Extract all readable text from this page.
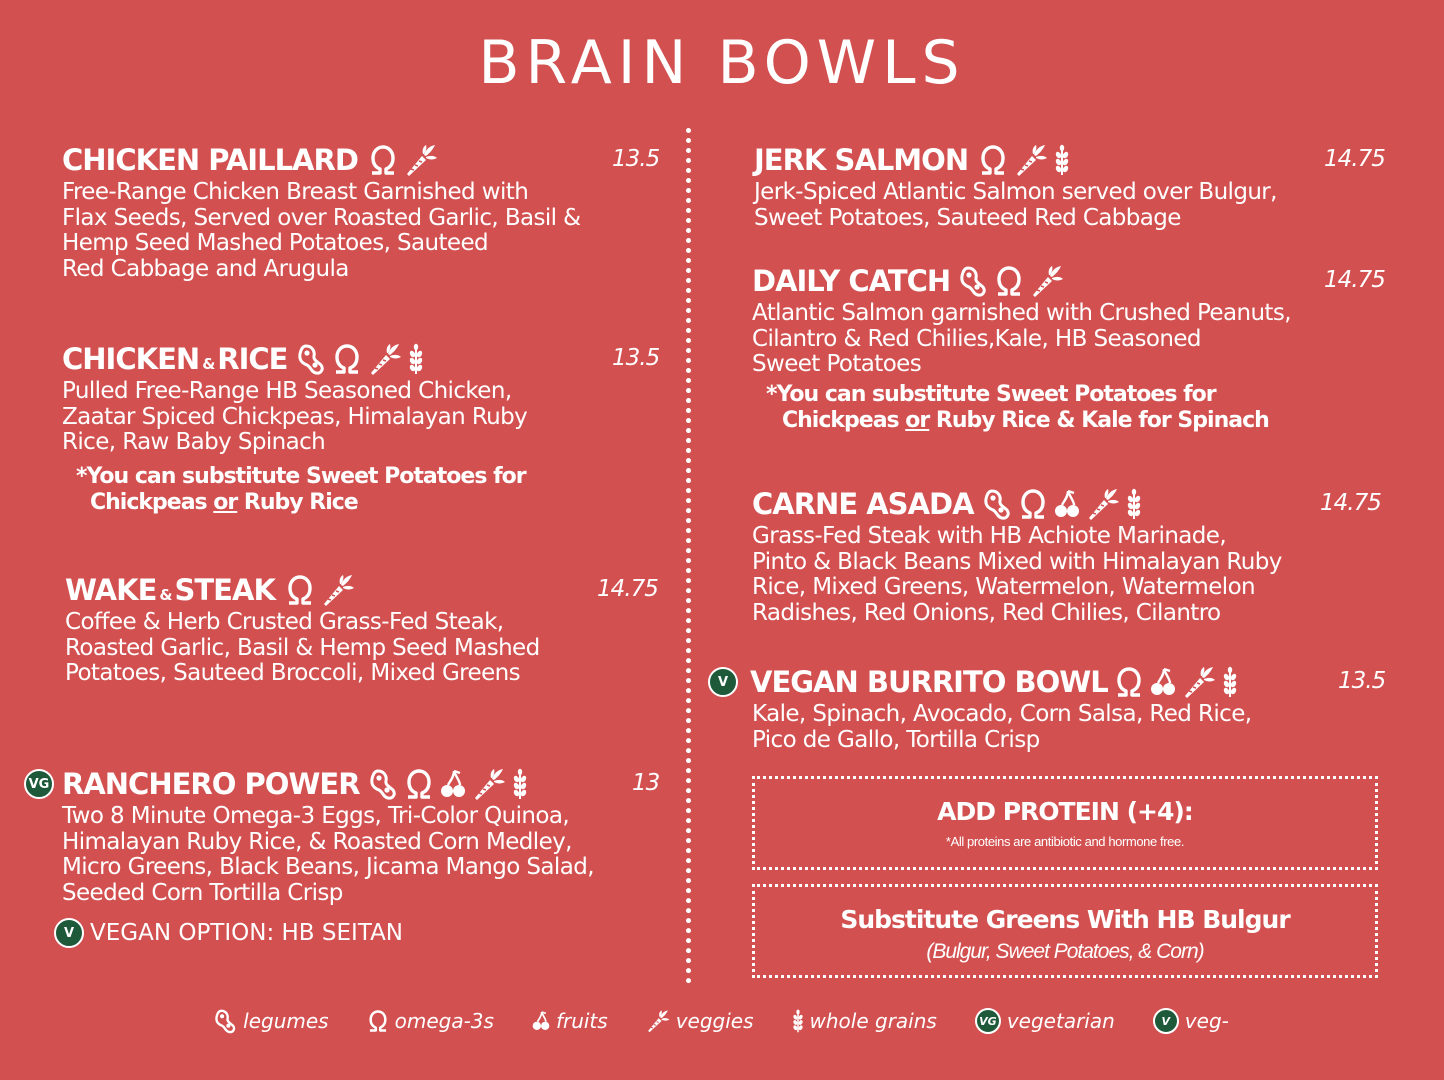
BRAIN BOWLS
CHICKEN PAILLARD	13.5
Free-Range Chicken Breast Garnished with
Flax Seeds, Served over Roasted Garlic, Basil &
Hemp Seed Mashed Potatoes, Sauteed
Red Cabbage and Arugula
CHICKEN & RICE	13.5
Pulled Free-Range HB Seasoned Chicken,
Zaatar Spiced Chickpeas, Himalayan Ruby
Rice, Raw Baby Spinach
*You can substitute Sweet Potatoes for
Chickpeas or Ruby Rice
WAKE & STEAK	14.75
Coffee & Herb Crusted Grass-Fed Steak,
Roasted Garlic, Basil & Hemp Seed Mashed
Potatoes, Sauteed Broccoli, Mixed Greens
VG RANCHERO POWER	13
Two 8 Minute Omega-3 Eggs, Tri-Color Quinoa,
Himalayan Ruby Rice, & Roasted Corn Medley,
Micro Greens, Black Beans, Jicama Mango Salad,
Seeded Corn Tortilla Crisp
V VEGAN OPTION: HB SEITAN
JERK SALMON	14.75
Jerk-Spiced Atlantic Salmon served over Bulgur,
Sweet Potatoes, Sauteed Red Cabbage
DAILY CATCH	14.75
Atlantic Salmon garnished with Crushed Peanuts,
Cilantro & Red Chilies,Kale, HB Seasoned
Sweet Potatoes
*You can substitute Sweet Potatoes for
Chickpeas or Ruby Rice & Kale for Spinach
CARNE ASADA	14.75
Grass-Fed Steak with HB Achiote Marinade,
Pinto & Black Beans Mixed with Himalayan Ruby
Rice, Mixed Greens, Watermelon, Watermelon
Radishes, Red Onions, Red Chilies, Cilantro
V VEGAN BURRITO BOWL	13.5
Kale, Spinach, Avocado, Corn Salsa, Red Rice,
Pico de Gallo, Tortilla Crisp
ADD PROTEIN (+4):
*All proteins are antibiotic and hormone free.
Substitute Greens With HB Bulgur
(Bulgur, Sweet Potatoes, & Corn)
legumes	omega-3s	fruits	veggies	whole grains	VG vegetarian	V veg-
